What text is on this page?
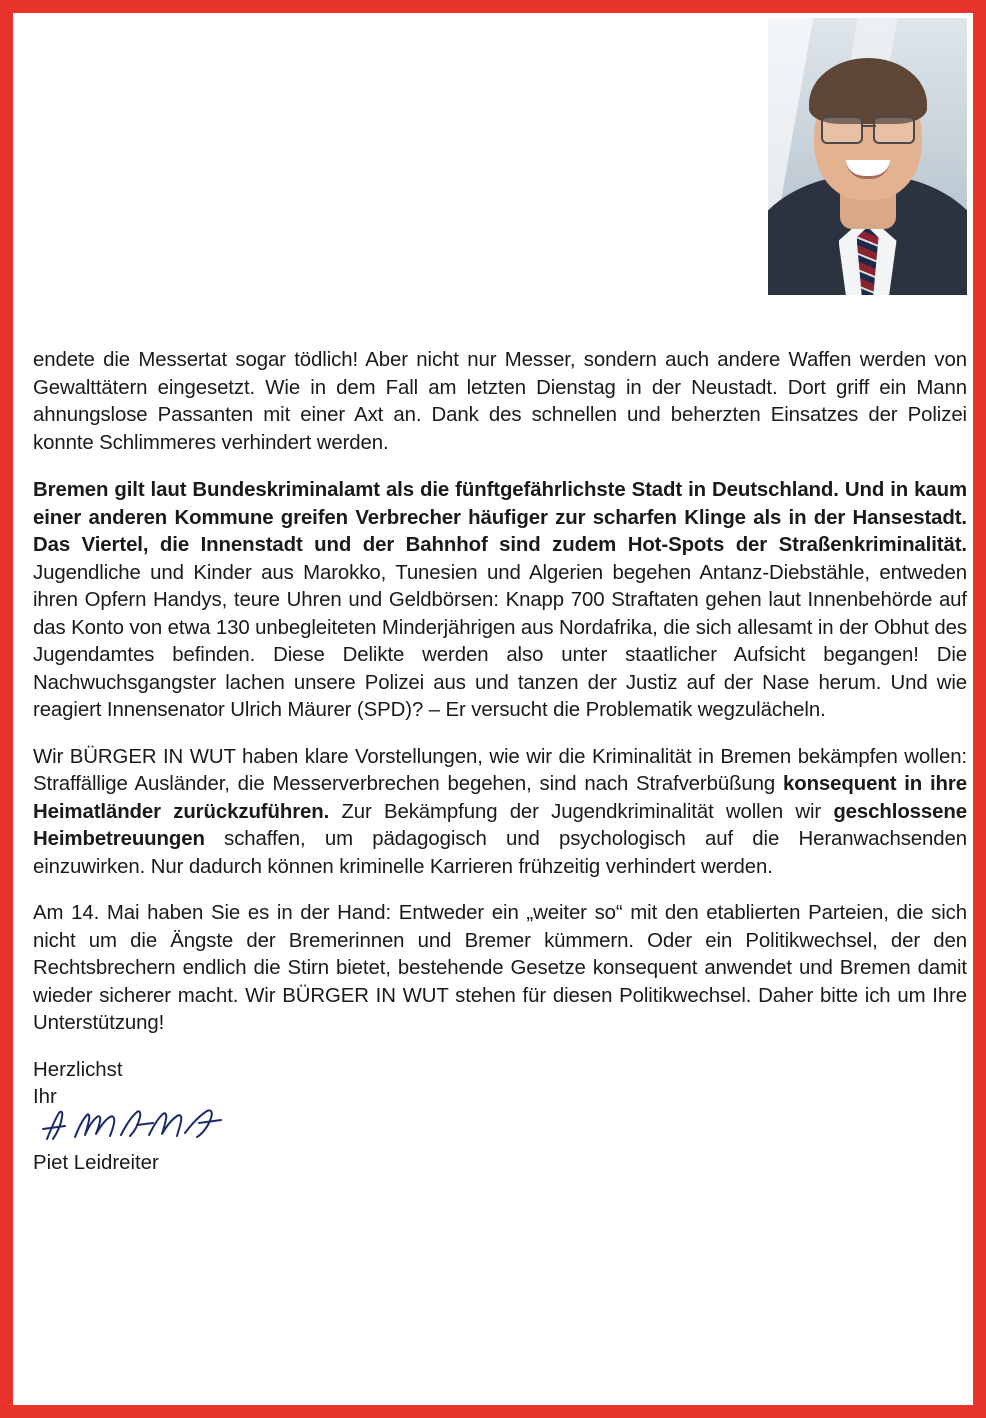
endete die Messertat sogar tödlich! Aber nicht nur Messer, sondern auch andere Waffen werden von Gewalttätern eingesetzt. Wie in dem Fall am letzten Dienstag in der Neustadt. Dort griff ein Mann ahnungslose Passanten mit einer Axt an. Dank des schnellen und beherzten Einsatzes der Polizei konnte Schlimmeres verhindert werden.

Bremen gilt laut Bundeskriminalamt als die fünftgefährlichste Stadt in Deutschland. Und in kaum einer anderen Kommune greifen Verbrecher häufiger zur scharfen Klinge als in der Hansestadt. Das Viertel, die Innenstadt und der Bahnhof sind zudem Hot-Spots der Straßenkriminalität. Jugendliche und Kinder aus Marokko, Tunesien und Algerien begehen Antanz-Diebstähle, entweden ihren Opfern Handys, teure Uhren und Geldbörsen: Knapp 700 Straftaten gehen laut Innenbehörde auf das Konto von etwa 130 unbegleiteten Minderjährigen aus Nordafrika, die sich allesamt in der Obhut des Jugendamtes befinden. Diese Delikte werden also unter staatlicher Aufsicht begangen! Die Nachwuchsgangster lachen unsere Polizei aus und tanzen der Justiz auf der Nase herum. Und wie reagiert Innensenator Ulrich Mäurer (SPD)? – Er versucht die Problematik wegzulächeln.

Wir BÜRGER IN WUT haben klare Vorstellungen, wie wir die Kriminalität in Bremen bekämpfen wollen: Straffällige Ausländer, die Messerverbrechen begehen, sind nach Strafverbüßung konsequent in ihre Heimatländer zurückzuführen. Zur Bekämpfung der Jugendkriminalität wollen wir geschlossene Heimbetreuungen schaffen, um pädagogisch und psychologisch auf die Heranwachsenden einzuwirken. Nur dadurch können kriminelle Karrieren frühzeitig verhindert werden.

Am 14. Mai haben Sie es in der Hand: Entweder ein „weiter so“ mit den etablierten Parteien, die sich nicht um die Ängste der Bremerinnen und Bremer kümmern. Oder ein Politikwechsel, der den Rechtsbrechern endlich die Stirn bietet, bestehende Gesetze konsequent anwendet und Bremen damit wieder sicherer macht. Wir BÜRGER IN WUT stehen für diesen Politikwechsel. Daher bitte ich um Ihre Unterstützung!

Herzlichst
Ihr
Piet Leidreiter
